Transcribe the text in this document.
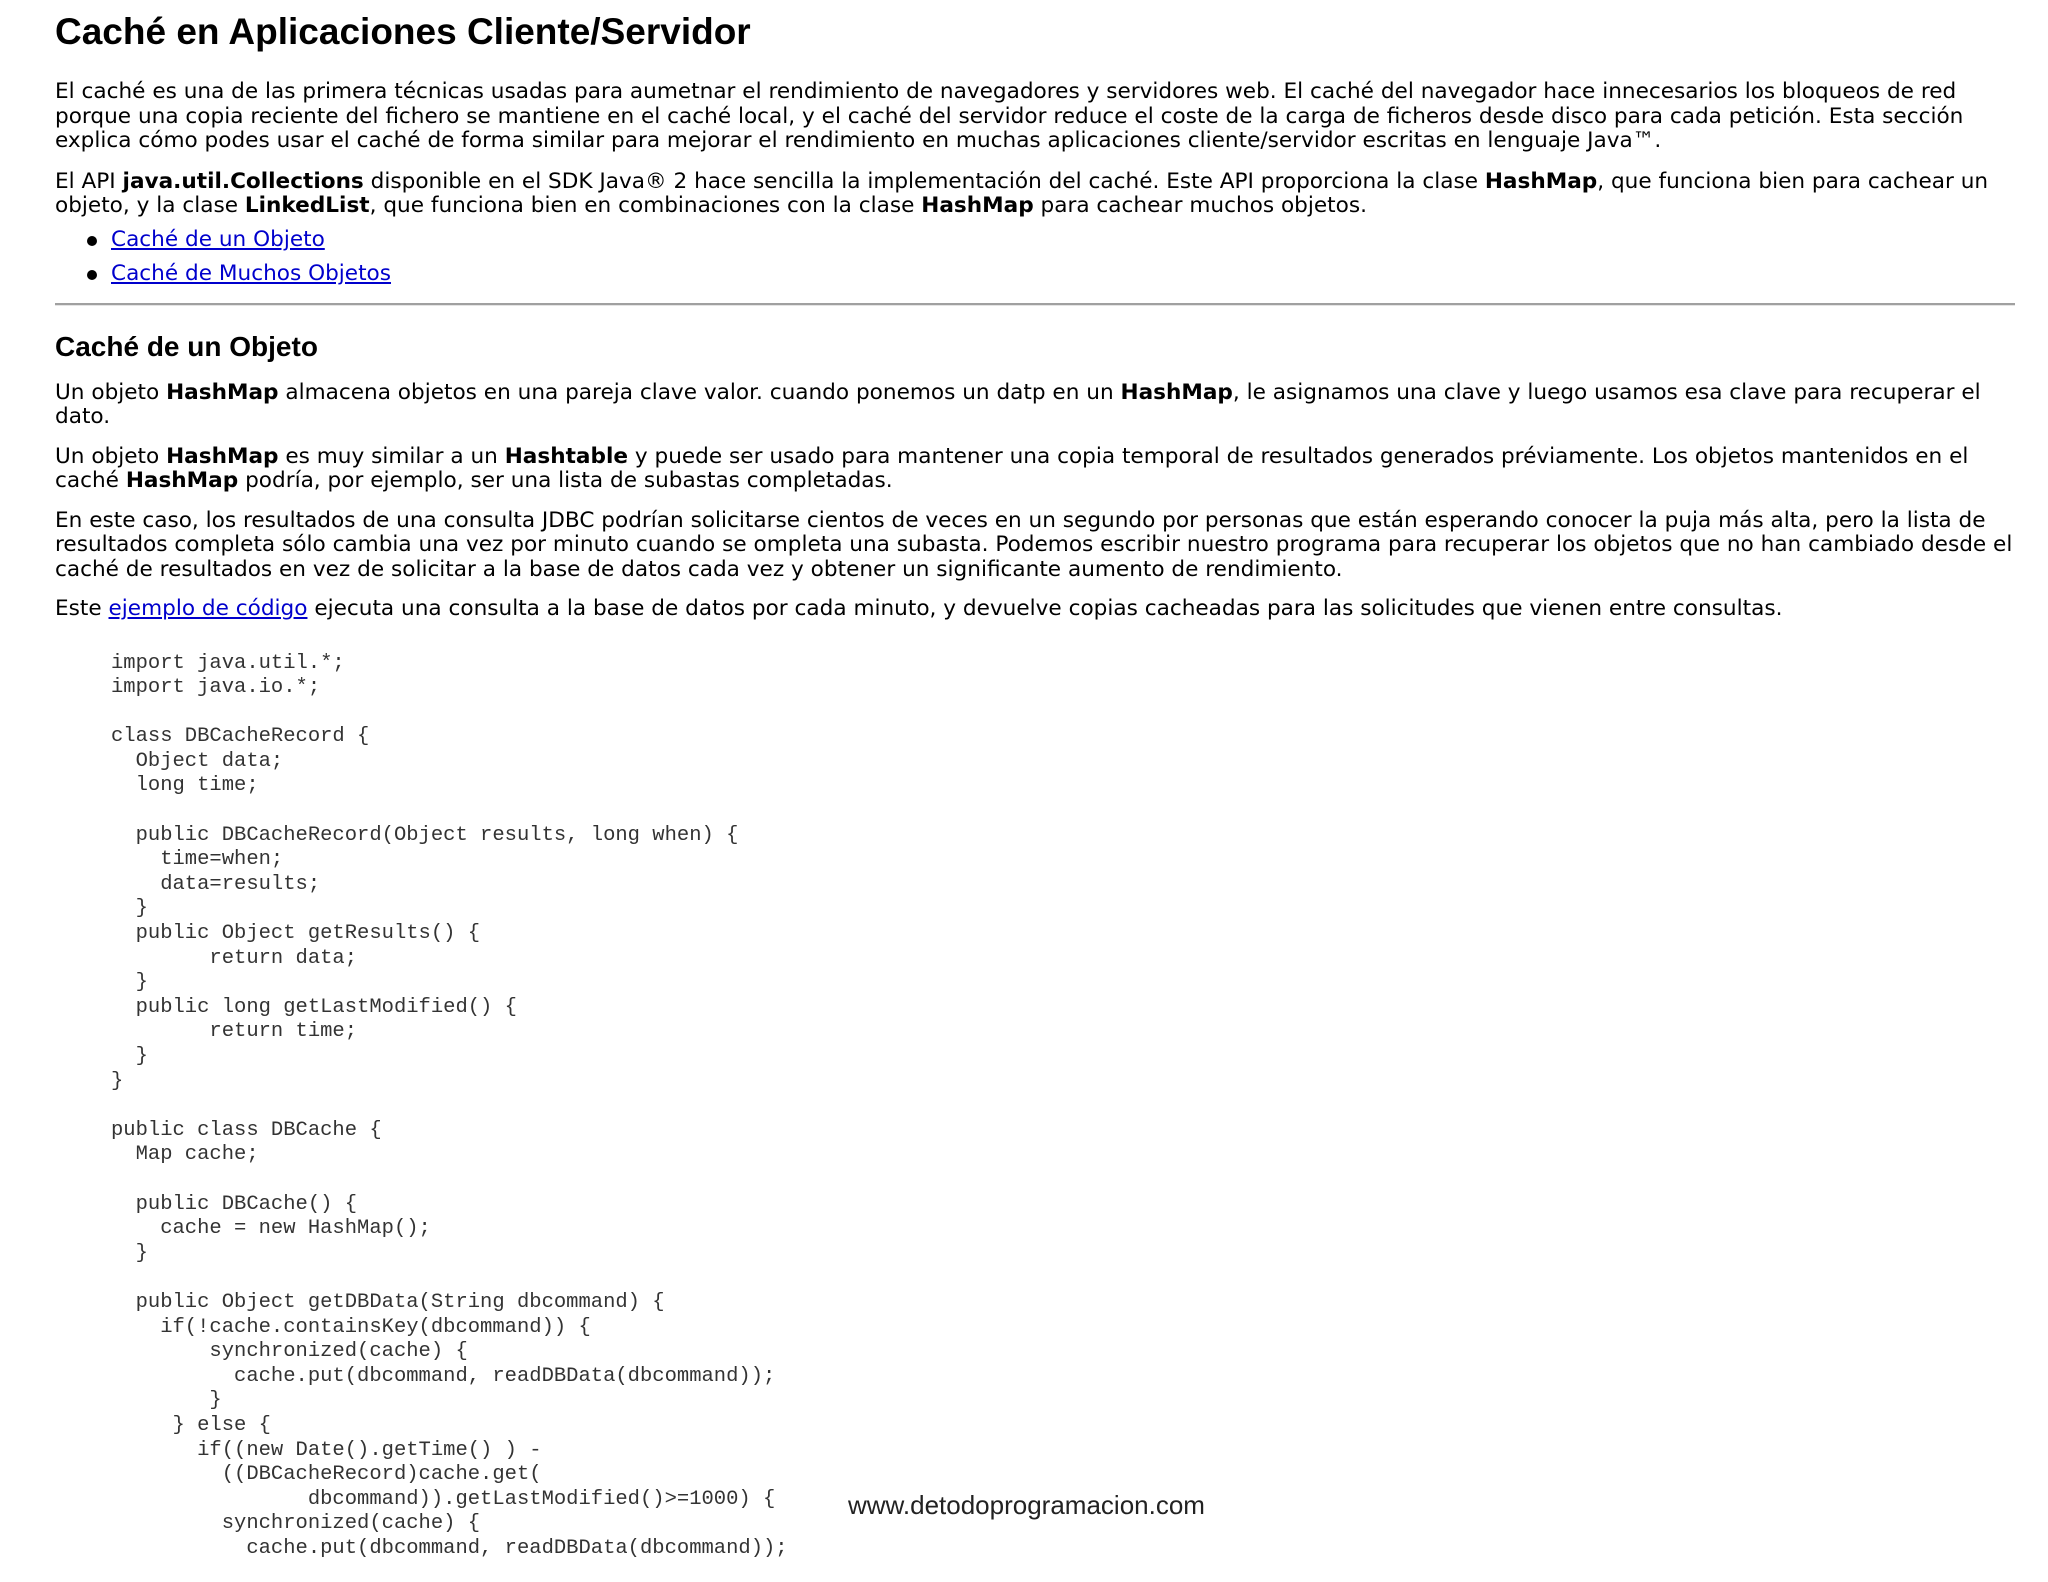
Caché en Aplicaciones Cliente/Servidor

El caché es una de las primera técnicas usadas para aumetnar el rendimiento de navegadores y servidores web. El caché del navegador hace innecesarios los bloqueos de red porque una copia reciente del fichero se mantiene en el caché local, y el caché del servidor reduce el coste de la carga de ficheros desde disco para cada petición. Esta sección explica cómo podes usar el caché de forma similar para mejorar el rendimiento en muchas aplicaciones cliente/servidor escritas en lenguaje Java™.

El API java.util.Collections disponible en el SDK Java® 2 hace sencilla la implementación del caché. Este API proporciona la clase HashMap, que funciona bien para cachear un objeto, y la clase LinkedList, que funciona bien en combinaciones con la clase HashMap para cachear muchos objetos.

Caché de un Objeto
Caché de Muchos Objetos
Caché de un Objeto

Un objeto HashMap almacena objetos en una pareja clave valor. cuando ponemos un datp en un HashMap, le asignamos una clave y luego usamos esa clave para recuperar el dato.

Un objeto HashMap es muy similar a un Hashtable y puede ser usado para mantener una copia temporal de resultados generados préviamente. Los objetos mantenidos en el caché HashMap podría, por ejemplo, ser una lista de subastas completadas.

En este caso, los resultados de una consulta JDBC podrían solicitarse cientos de veces en un segundo por personas que están esperando conocer la puja más alta, pero la lista de resultados completa sólo cambia una vez por minuto cuando se ompleta una subasta. Podemos escribir nuestro programa para recuperar los objetos que no han cambiado desde el caché de resultados en vez de solicitar a la base de datos cada vez y obtener un significante aumento de rendimiento.

Este ejemplo de código ejecuta una consulta a la base de datos por cada minuto, y devuelve copias cacheadas para las solicitudes que vienen entre consultas.

import java.util.*;
import java.io.*;

class DBCacheRecord {
Object data;
long time;

public DBCacheRecord(Object results, long when) {
time=when;
data=results;
}
public Object getResults() {
return data;
}
public long getLastModified() {
return time;
}
}

public class DBCache {
Map cache;

public DBCache() {
cache = new HashMap();
}

public Object getDBData(String dbcommand) {
if(!cache.containsKey(dbcommand)) {
synchronized(cache) {
cache.put(dbcommand, readDBData(dbcommand));
}
} else {
if((new Date().getTime() ) -
((DBCacheRecord)cache.get(
dbcommand)).getLastModified()>=1000) {
synchronized(cache) {
cache.put(dbcommand, readDBData(dbcommand));
www.detodoprogramacion.com
